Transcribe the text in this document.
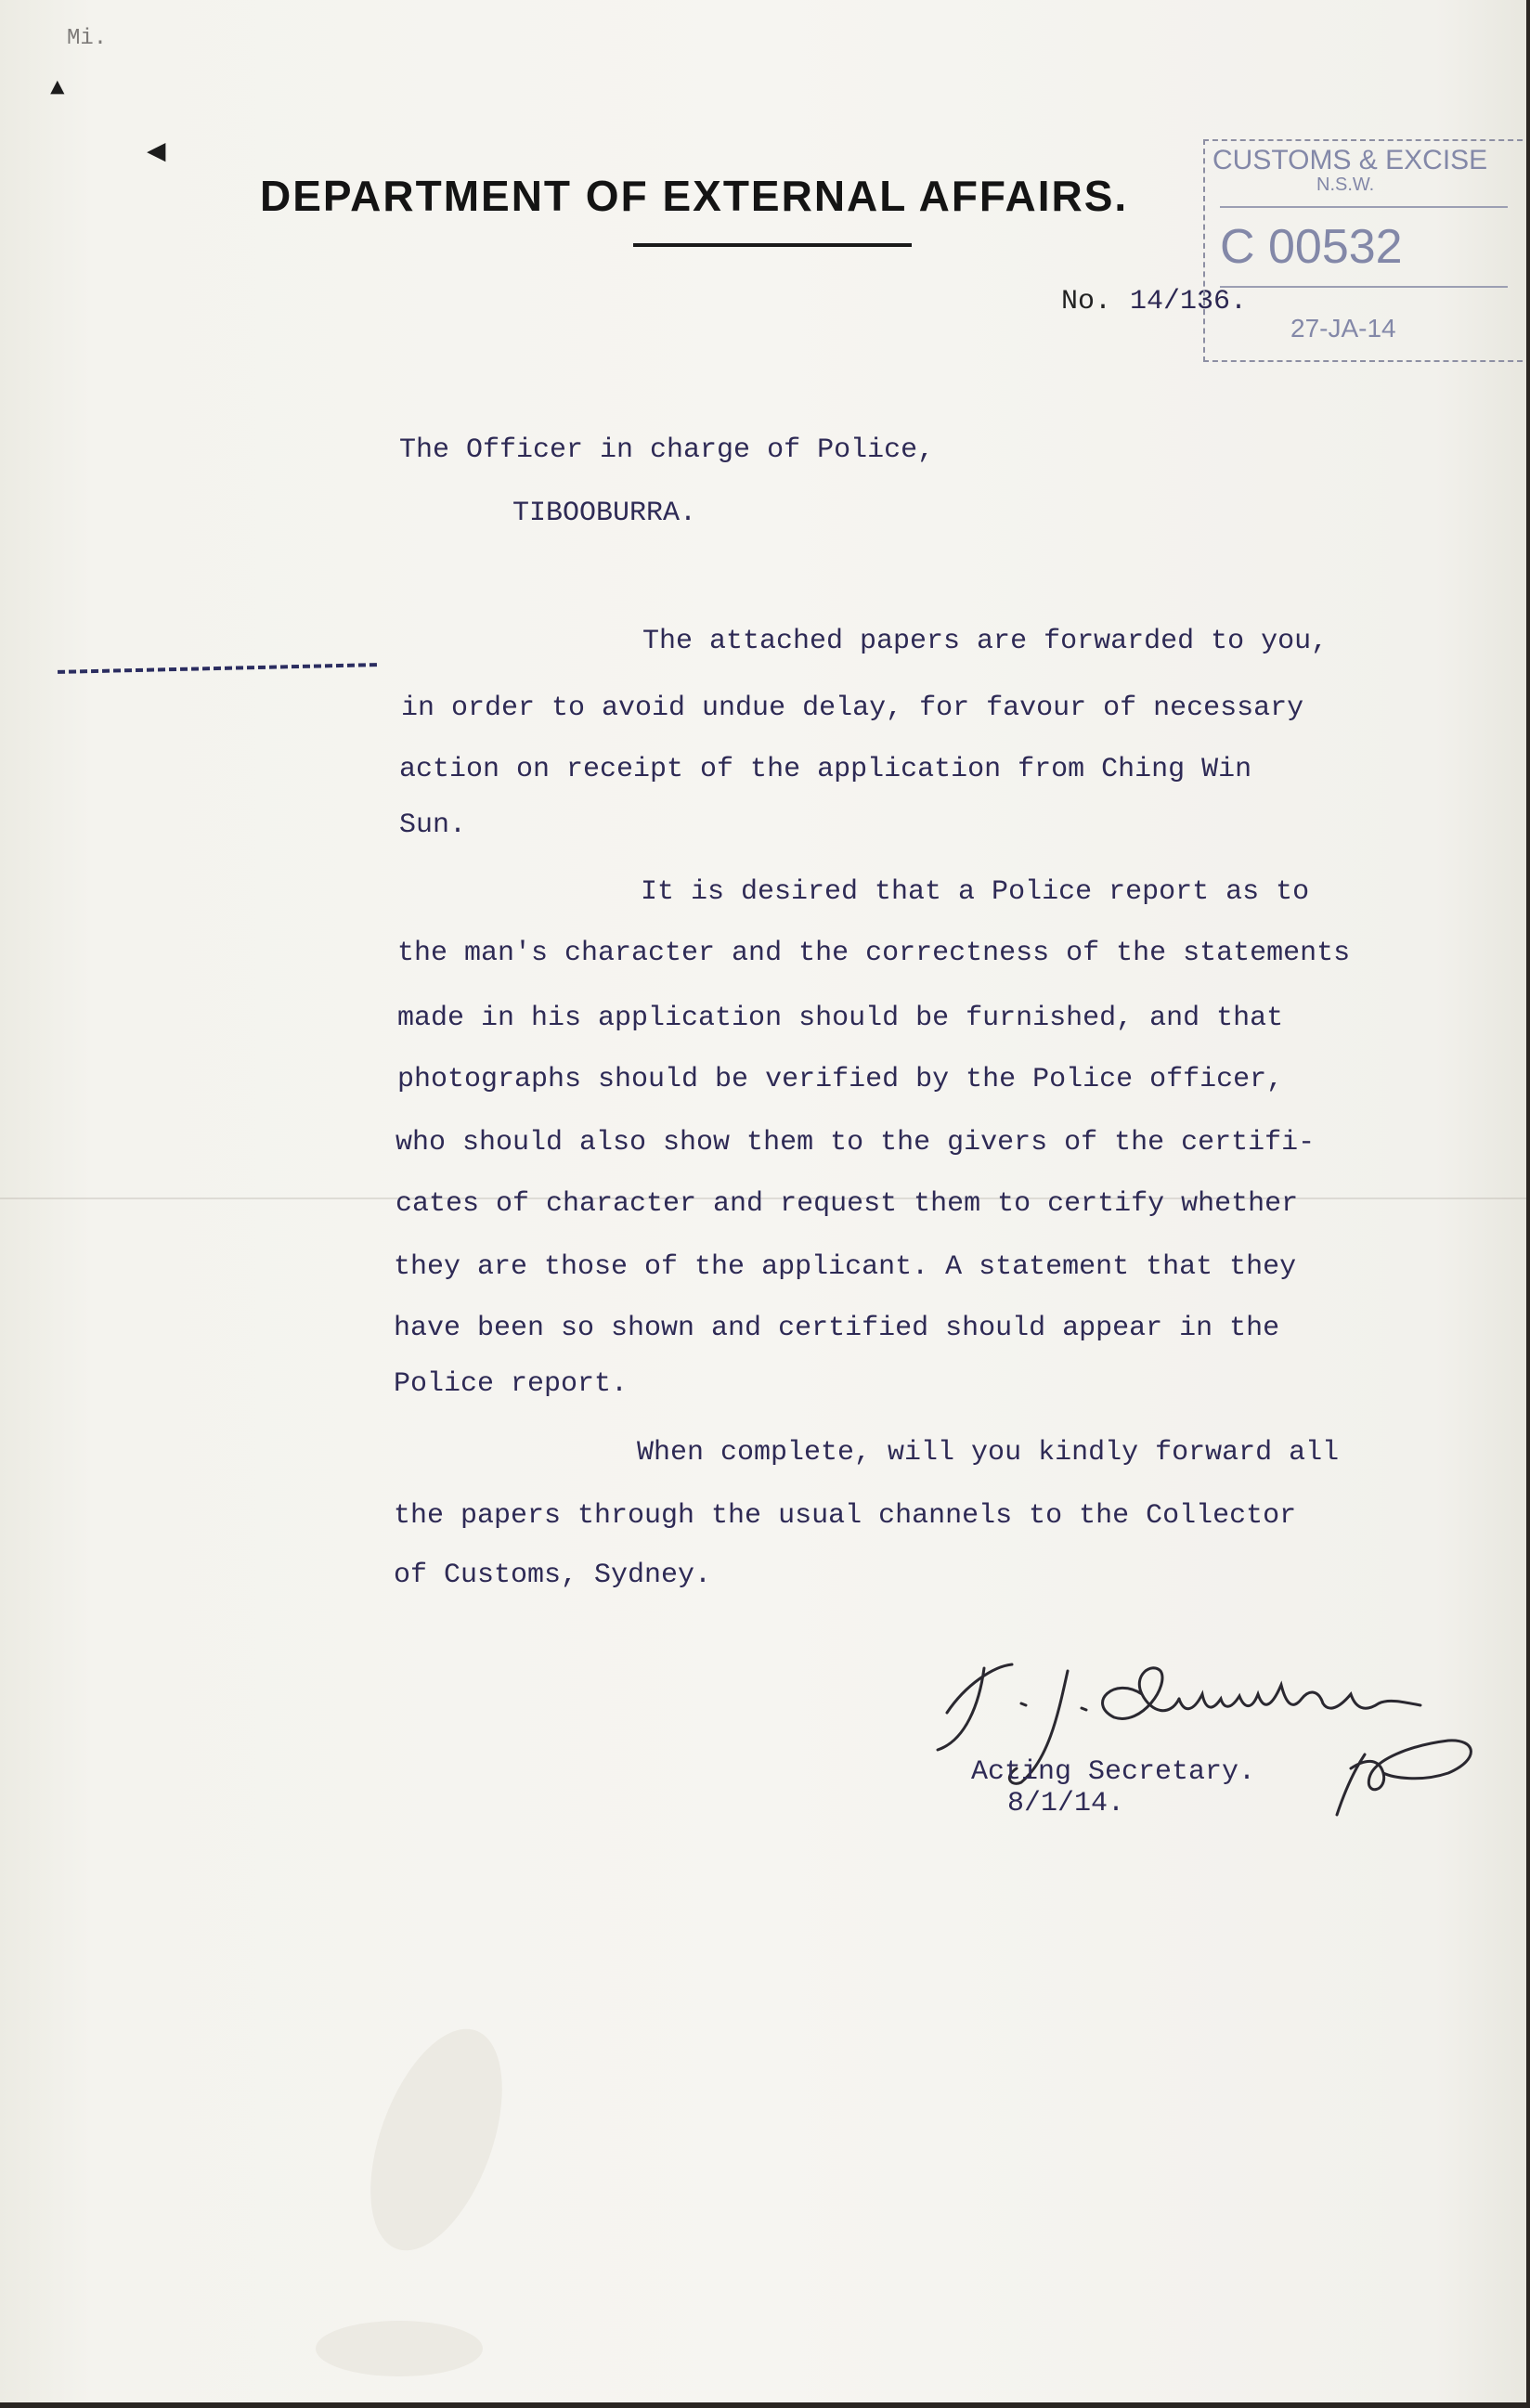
Mi.
▲
◀
DEPARTMENT OF EXTERNAL AFFAIRS.
No. 14/136.
CUSTOMS & EXCISE
N.S.W.
C 00532
27-JA-14
The Officer in charge of Police,
TIBOOBURRA.
The attached papers are forwarded to you,
in order to avoid undue delay, for favour of necessary
action on receipt of the application from Ching Win
Sun.
It is desired that a Police report as to
the man's character and the correctness of the statements
made in his application should be furnished, and that
photographs should be verified by the Police officer,
who should also show them to the givers of the certifi-
cates of character and request them to certify whether
they are those of the applicant. A statement that they
have been so shown and certified should appear in the
Police report.
When complete, will you kindly forward all
the papers through the usual channels to the Collector
of Customs, Sydney.
Acting Secretary.
8/1/14.
